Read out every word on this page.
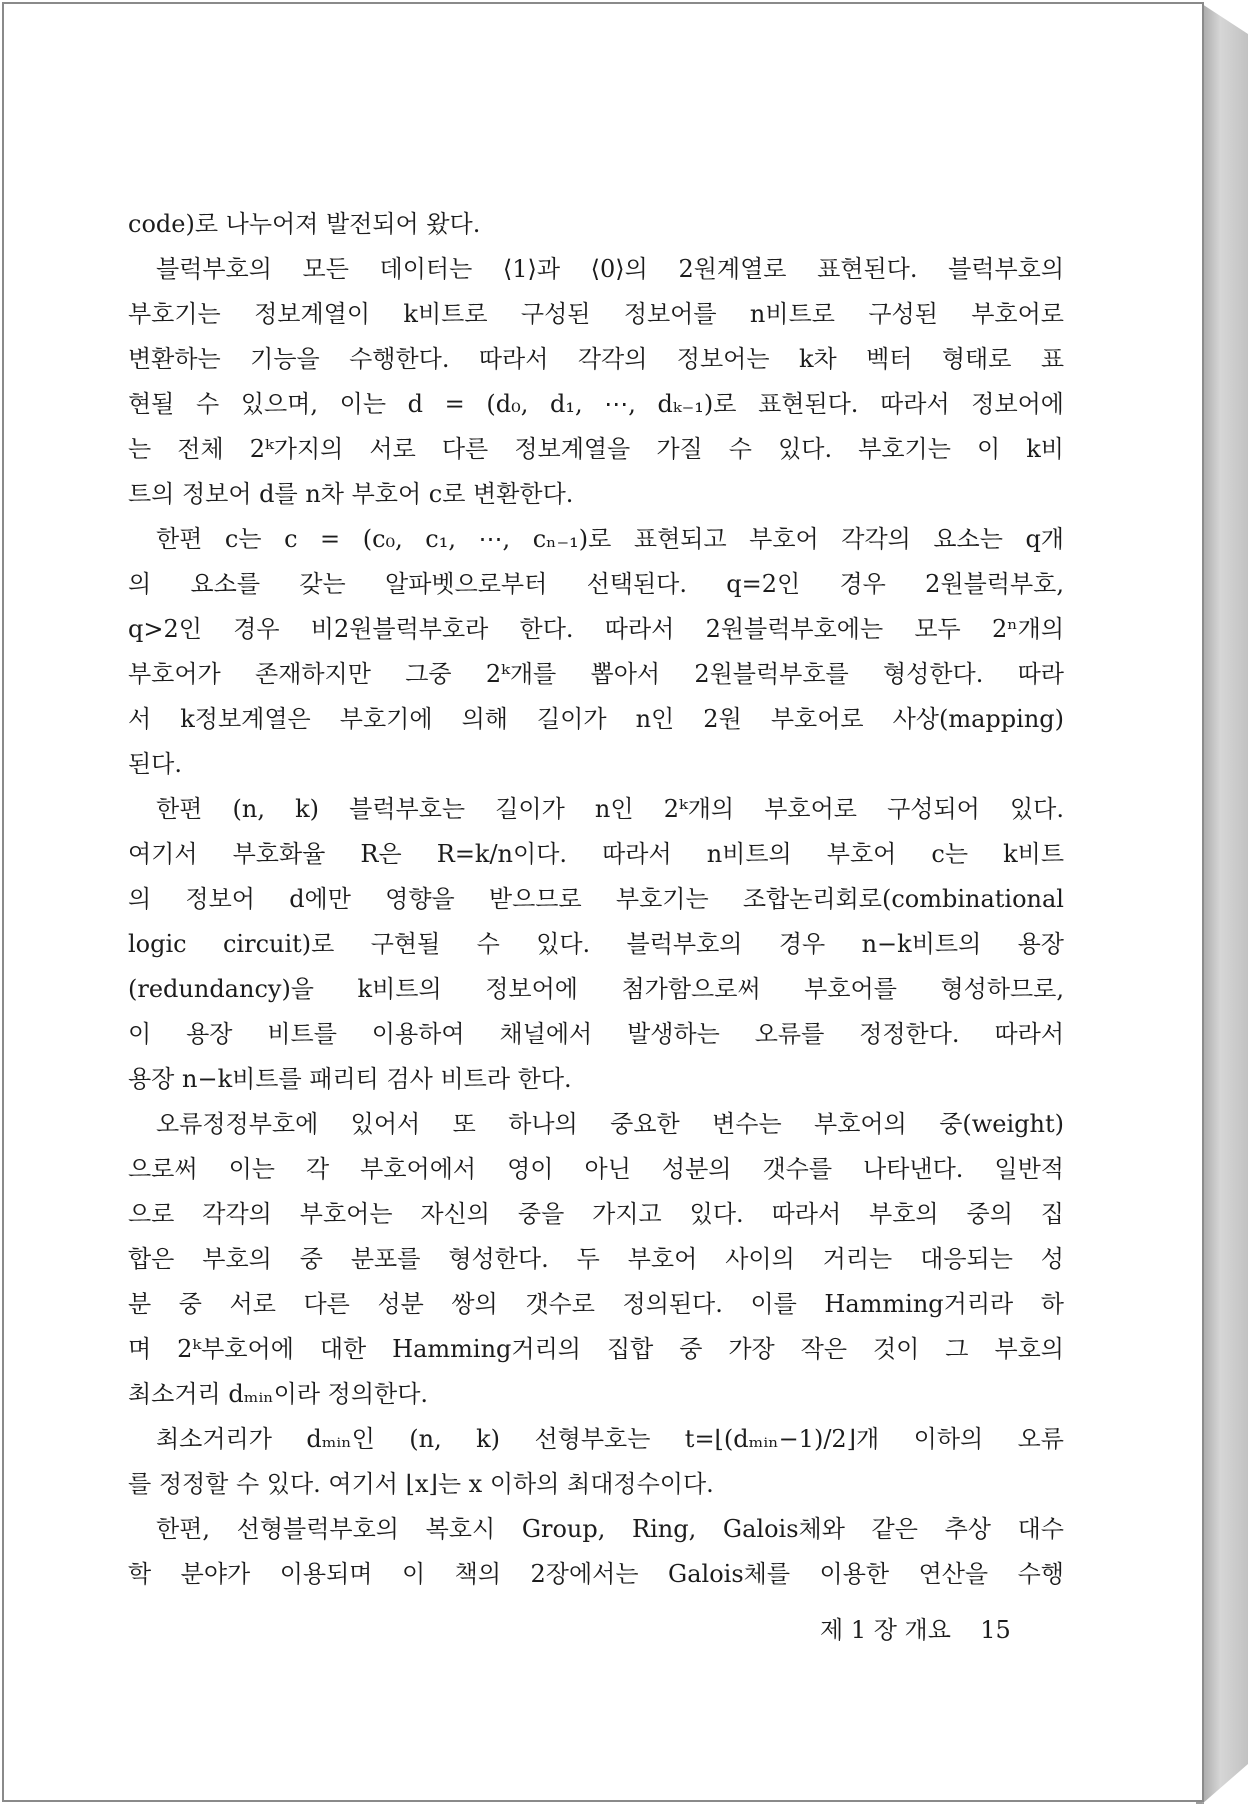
code)로 나누어져 발전되어 왔다.
블럭부호의 모든 데이터는 ⟨1⟩과 ⟨0⟩의 2원계열로 표현된다. 블럭부호의
부호기는 정보계열이 k비트로 구성된 정보어를 n비트로 구성된 부호어로
변환하는 기능을 수행한다. 따라서 각각의 정보어는 k차 벡터 형태로 표
현될 수 있으며, 이는 d = (d₀, d₁, ⋯, dₖ₋₁)로 표현된다. 따라서 정보어에
는 전체 2ᵏ가지의 서로 다른 정보계열을 가질 수 있다. 부호기는 이 k비
트의 정보어 d를 n차 부호어 c로 변환한다.
한편 c는 c = (c₀, c₁, ⋯, cₙ₋₁)로 표현되고 부호어 각각의 요소는 q개
의 요소를 갖는 알파벳으로부터 선택된다. q=2인 경우 2원블럭부호,
q>2인 경우 비2원블럭부호라 한다. 따라서 2원블럭부호에는 모두 2ⁿ개의
부호어가 존재하지만 그중 2ᵏ개를 뽑아서 2원블럭부호를 형성한다. 따라
서 k정보계열은 부호기에 의해 길이가 n인 2원 부호어로 사상(mapping)
된다.
한편 (n, k) 블럭부호는 길이가 n인 2ᵏ개의 부호어로 구성되어 있다.
여기서 부호화율 R은 R=k/n이다. 따라서 n비트의 부호어 c는 k비트
의 정보어 d에만 영향을 받으므로 부호기는 조합논리회로(combinational
logic circuit)로 구현될 수 있다. 블럭부호의 경우 n−k비트의 용장
(redundancy)을 k비트의 정보어에 첨가함으로써 부호어를 형성하므로,
이 용장 비트를 이용하여 채널에서 발생하는 오류를 정정한다. 따라서
용장 n−k비트를 패리티 검사 비트라 한다.
오류정정부호에 있어서 또 하나의 중요한 변수는 부호어의 중(weight)
으로써 이는 각 부호어에서 영이 아닌 성분의 갯수를 나타낸다. 일반적
으로 각각의 부호어는 자신의 중을 가지고 있다. 따라서 부호의 중의 집
합은 부호의 중 분포를 형성한다. 두 부호어 사이의 거리는 대응되는 성
분 중 서로 다른 성분 쌍의 갯수로 정의된다. 이를 Hamming거리라 하
며 2ᵏ부호어에 대한 Hamming거리의 집합 중 가장 작은 것이 그 부호의
최소거리 dₘᵢₙ이라 정의한다.
최소거리가 dₘᵢₙ인 (n, k) 선형부호는 t=⌊(dₘᵢₙ−1)/2⌋개 이하의 오류
를 정정할 수 있다. 여기서 ⌊x⌋는 x 이하의 최대정수이다.
한편, 선형블럭부호의 복호시 Group, Ring, Galois체와 같은 추상 대수
학 분야가 이용되며 이 책의 2장에서는 Galois체를 이용한 연산을 수행
제 1 장 개요 15
